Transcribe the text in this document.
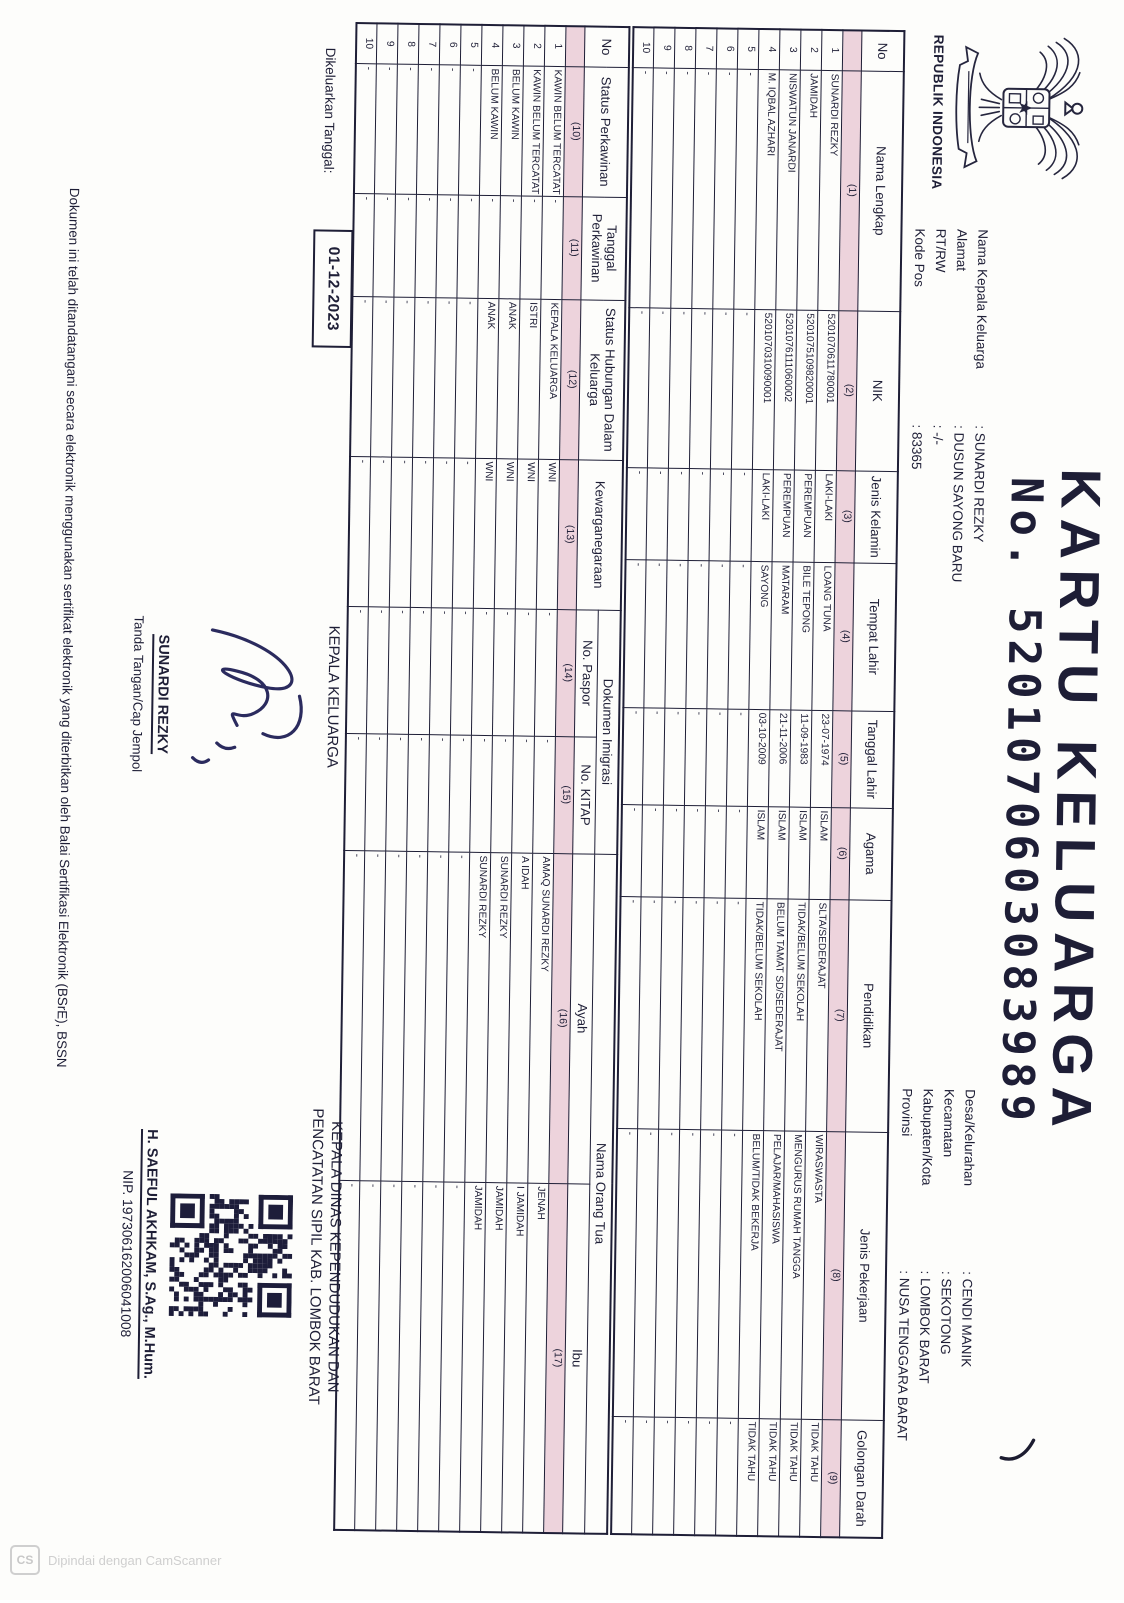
REPUBLIK INDONESIA
KARTU KELUARGA
No. 5201070603083989
Nama Kepala Keluarga: SUNARDI REZKY
Alamat: DUSUN SAYONG BARU
RT/RW: -/-
Kode Pos: 83365
Desa/Kelurahan: CENDI MANIK
Kecamatan: SEKOTONG
Kabupaten/Kota: LOMBOK BARAT
Provinsi: NUSA TENGGARA BARAT
No	Nama Lengkap	NIK	Jenis Kelamin	Tempat Lahir	Tanggal Lahir	Agama	Pendidikan	Jenis Pekerjaan	Golongan Darah
	(1)	(2)	(3)	(4)	(5)	(6)	(7)	(8)	(9)
1	SUNARDI REZKY	5201070611780001	LAKI-LAKI	LOANG TUNA	23-07-1974	ISLAM	SLTA/SEDERAJAT	WIRASWASTA	TIDAK TAHU
2	JAMIDAH	5201075109820001	PEREMPUAN	BILE TEPONG	11-09-1983	ISLAM	TIDAK/BELUM SEKOLAH	MENGURUS RUMAH TANGGA	TIDAK TAHU
3	NISWATUN JANARDI	5201076111060002	PEREMPUAN	MATARAM	21-11-2006	ISLAM	BELUM TAMAT SD/SEDERAJAT	PELAJAR/MAHASISWA	TIDAK TAHU
4	M. IQBAL AZHARI	5201070310090001	LAKI-LAKI	SAYONG	03-10-2009	ISLAM	TIDAK/BELUM SEKOLAH	BELUM/TIDAK BEKERJA	TIDAK TAHU
5	-	-	-	-	-	-	-	-	-
6	-	-	-	-	-	-	-	-	-
7	-	-	-	-	-	-	-	-	-
8	-	-	-	-	-	-	-	-	-
9	-	-	-	-	-	-	-	-	-
10	-	-	-	-	-	-	-	-	-
No	Status Perkawinan	Tanggal Perkawinan	Status Hubungan Dalam Keluarga	Kewarganegaraan	Dokumen Imigrasi		Nama Orang Tua	
					No. Paspor	No. KITAP	Ayah	Ibu
	(10)	(11)	(12)	(13)	(14)	(15)	(16)	(17)
1	KAWIN BELUM TERCATAT	-	KEPALA KELUARGA	WNI	-	-	AMAQ SUNARDI REZKY	JENAH
2	KAWIN BELUM TERCATAT	-	ISTRI	WNI	-	-	A IDAH	I JAMIDAH
3	BELUM KAWIN	-	ANAK	WNI	-	-	SUNARDI REZKY	JAMIDAH
4	BELUM KAWIN	-	ANAK	WNI	-	-	SUNARDI REZKY	JAMIDAH
5	-	-	-	-	-	-	-	-
6	-	-	-	-	-	-	-	-
7	-	-	-	-	-	-	-	-
8	-	-	-	-	-	-	-	-
9	-	-	-	-	-	-	-	-
10	-	-	-	-	-	-	-	-
Dikeluarkan Tanggal:
01-12-2023
KEPALA KELUARGA
SUNARDI REZKY
Tanda Tangan/Cap Jempol
KEPALA DINAS KEPENDUDUKAN DAN
PENCATATAN SIPIL KAB. LOMBOK BARAT
H. SAEFUL AKHKAM, S.Ag., M.Hum.
NIP. 197306162006041008
Dokumen ini telah ditandatangani secara elektronik menggunakan sertifikat elektronik yang diterbitkan oleh Balai Sertifikasi Elektronik (BSrE), BSSN
CS	Dipindai dengan CamScanner
